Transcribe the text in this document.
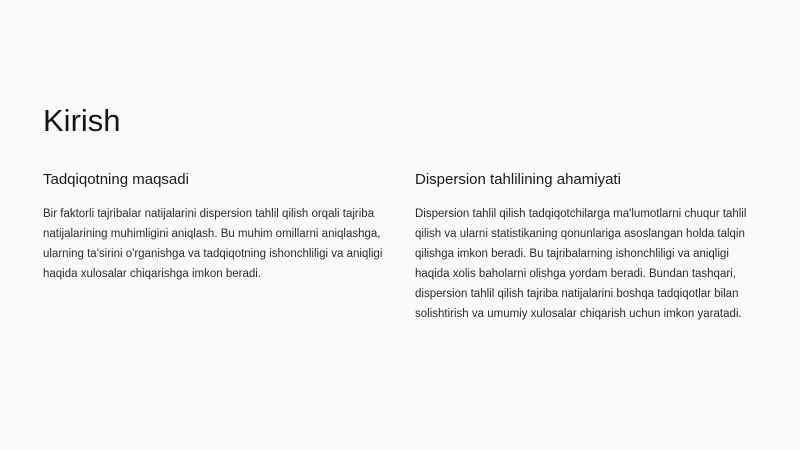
Kirish
Tadqiqotning maqsadi

Bir faktorli tajribalar natijalarini dispersion tahlil qilish orqali tajriba natijalarining muhimligini aniqlash. Bu muhim omillarni aniqlashga, ularning ta'sirini o'rganishga va tadqiqotning ishonchliligi va aniqligi haqida xulosalar chiqarishga imkon beradi.

Dispersion tahlilining ahamiyati

Dispersion tahlil qilish tadqiqotchilarga ma'lumotlarni chuqur tahlil qilish va ularni statistikaning qonunlariga asoslangan holda talqin qilishga imkon beradi. Bu tajribalarning ishonchliligi va aniqligi haqida xolis baholarni olishga yordam beradi. Bundan tashqari, dispersion tahlil qilish tajriba natijalarini boshqa tadqiqotlar bilan solishtirish va umumiy xulosalar chiqarish uchun imkon yaratadi.
